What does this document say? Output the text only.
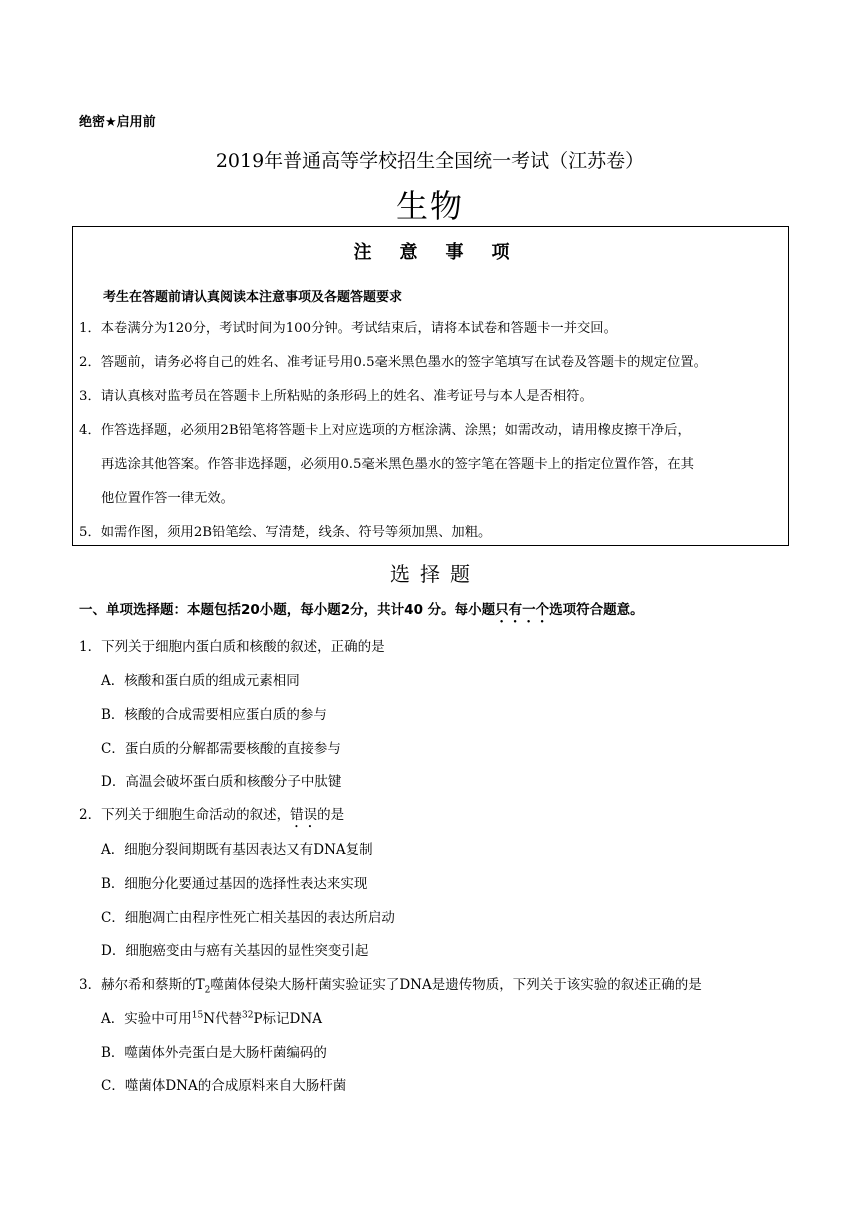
绝密★启用前
2019年普通高等学校招生全国统一考试（江苏卷）
生物
注 意 事 项
考生在答题前请认真阅读本注意事项及各题答题要求
1．本卷满分为120分，考试时间为100分钟。考试结束后，请将本试卷和答题卡一并交回。
2．答题前，请务必将自己的姓名、准考证号用0.5毫米黑色墨水的签字笔填写在试卷及答题卡的规定位置。
3．请认真核对监考员在答题卡上所粘贴的条形码上的姓名、准考证号与本人是否相符。
4．作答选择题，必须用2B铅笔将答题卡上对应选项的方框涂满、涂黑；如需改动，请用橡皮擦干净后，
再选涂其他答案。作答非选择题，必须用0.5毫米黑色墨水的签字笔在答题卡上的指定位置作答，在其
他位置作答一律无效。
5．如需作图，须用2B铅笔绘、写清楚，线条、符号等须加黑、加粗。
选 择 题
一、单项选择题：本题包括20小题，每小题2分，共计40 分。每小题只有一个选项符合题意。
1．下列关于细胞内蛋白质和核酸的叙述，正确的是
A．核酸和蛋白质的组成元素相同
B．核酸的合成需要相应蛋白质的参与
C．蛋白质的分解都需要核酸的直接参与
D．高温会破坏蛋白质和核酸分子中肽键
2．下列关于细胞生命活动的叙述，错误的是
A．细胞分裂间期既有基因表达又有DNA复制
B．细胞分化要通过基因的选择性表达来实现
C．细胞凋亡由程序性死亡相关基因的表达所启动
D．细胞癌变由与癌有关基因的显性突变引起
3．赫尔希和蔡斯的$T_2$噬菌体侵染大肠杆菌实验证实了DNA是遗传物质，下列关于该实验的叙述正确的是
A．实验中可用$^{15}$N代替$^{32}$P标记DNA
B．噬菌体外壳蛋白是大肠杆菌编码的
C．噬菌体DNA的合成原料来自大肠杆菌
